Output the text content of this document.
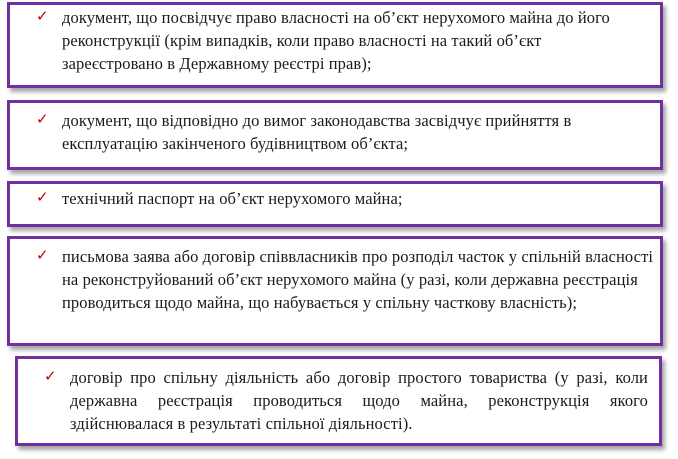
✓ документ, що посвідчує право власності на об’єкт нерухомого майна до його реконструкції (крім випадків, коли право власності на такий об’єкт зареєстровано в Державному реєстрі прав);
✓ документ, що відповідно до вимог законодавства засвідчує прийняття в експлуатацію закінченого будівництвом об’єкта;
✓ технічний паспорт на об’єкт нерухомого майна;
✓ письмова заява або договір співвласників про розподіл часток у спільній власності на реконструйований об’єкт нерухомого майна (у разі, коли державна реєстрація проводиться щодо майна, що набувається у спільну часткову власність);
✓ договір про спільну діяльність або договір простого товариства (у разі, коли державна реєстрація проводиться щодо майна, реконструкція якого здійснювалася в результаті спільної діяльності).
